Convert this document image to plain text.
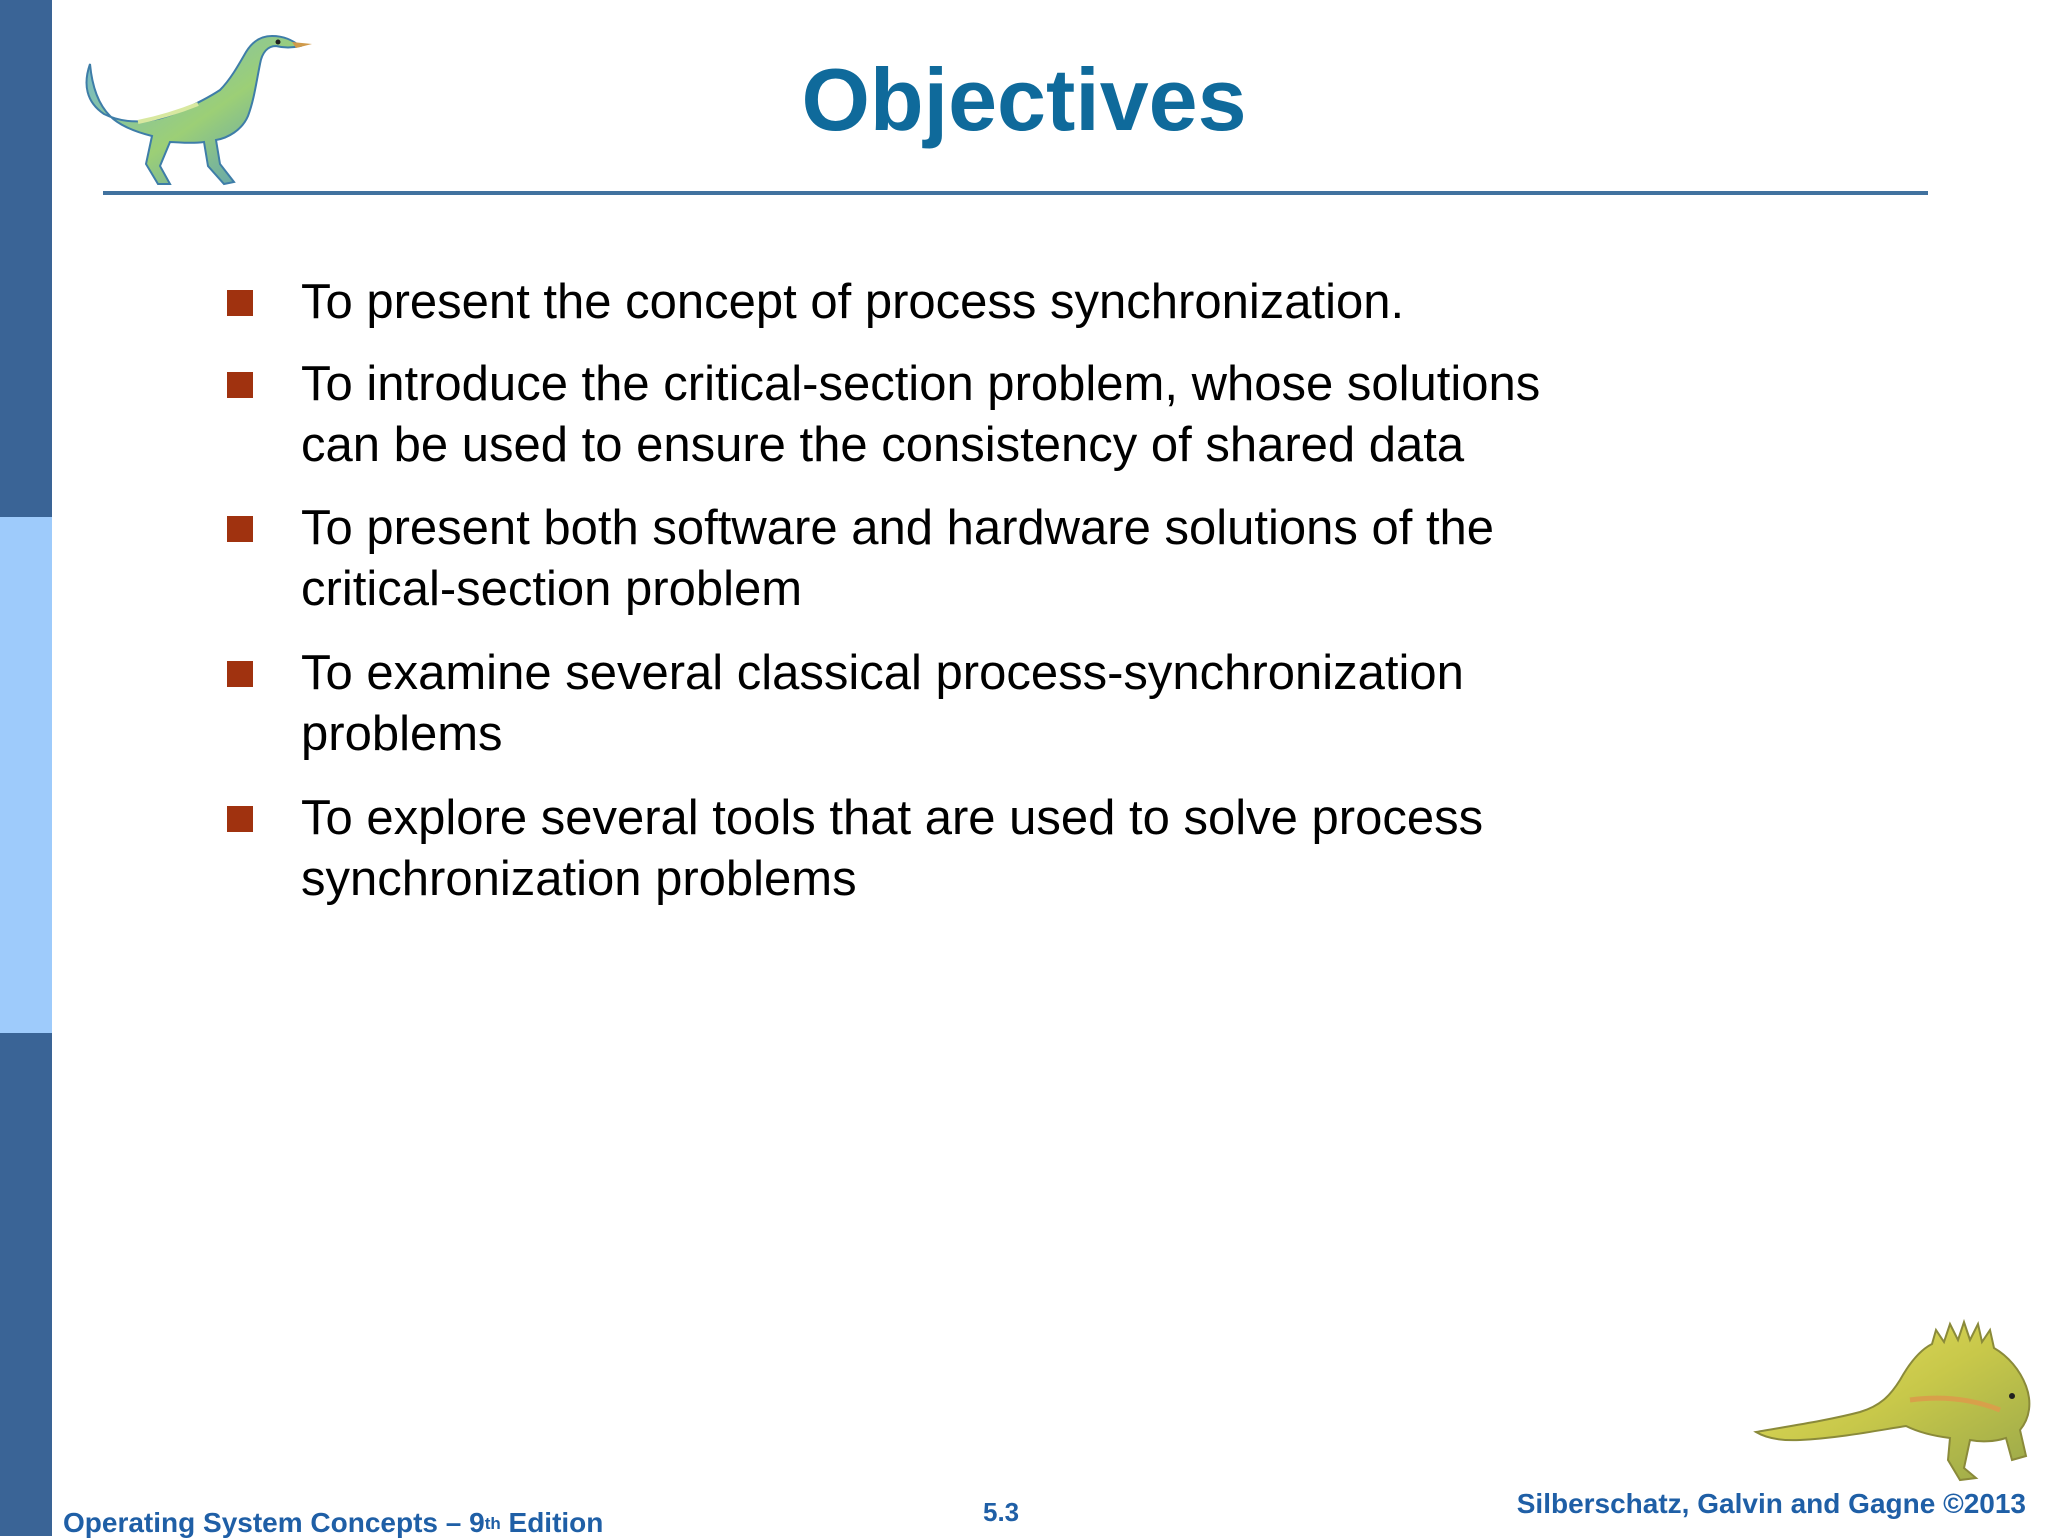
Objectives

To present the concept of process synchronization.

To introduce the critical-section problem, whose solutions
can be used to ensure the consistency of shared data

To present both software and hardware solutions of the
critical-section problem

To examine several classical process-synchronization
problems

To explore several tools that are used to solve process
synchronization problems

Operating System Concepts – 9th Edition	5.3	Silberschatz, Galvin and Gagne ©2013
